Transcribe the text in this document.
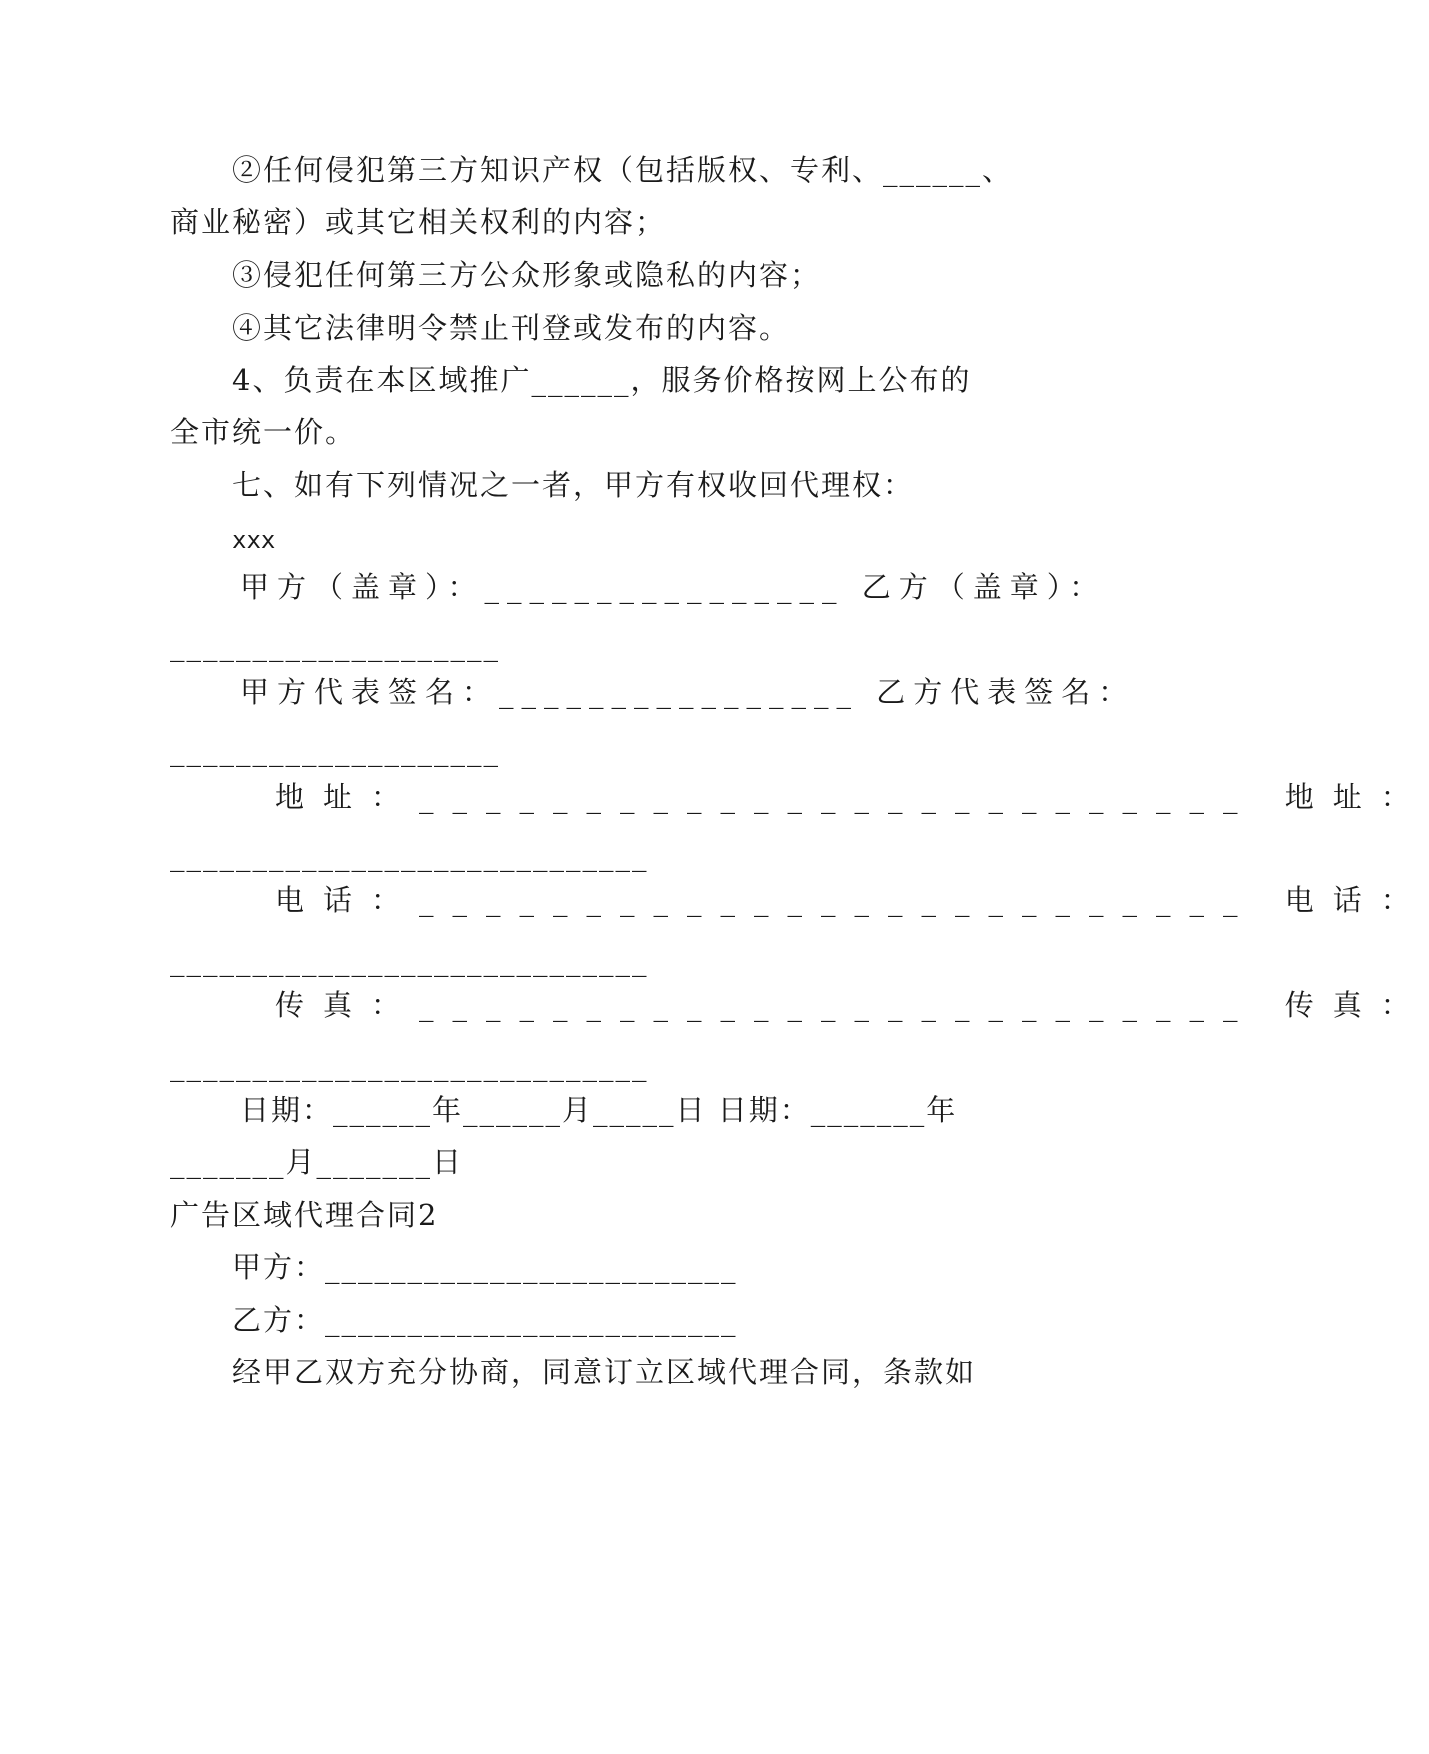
②任何侵犯第三方知识产权（包括版权、专利、______、

商业秘密）或其它相关权利的内容；

③侵犯任何第三方公众形象或隐私的内容；

④其它法律明令禁止刊登或发布的内容。

4、负责在本区域推广______，服务价格按网上公布的

全市统一价。

七、如有下列情况之一者，甲方有权收回代理权：

xxx

甲方（盖章）：________________ 乙方（盖章）：

____________________

甲方代表签名：________________ 乙方代表签名：

____________________

地址：_________________________ 地址：

_____________________________

电话：_________________________ 电话：

_____________________________

传真：_________________________ 传真：

_____________________________

日期：______年______月_____日 日期：_______年

_______月_______日

广告区域代理合同2

甲方：_________________________

乙方：_________________________

经甲乙双方充分协商，同意订立区域代理合同，条款如
